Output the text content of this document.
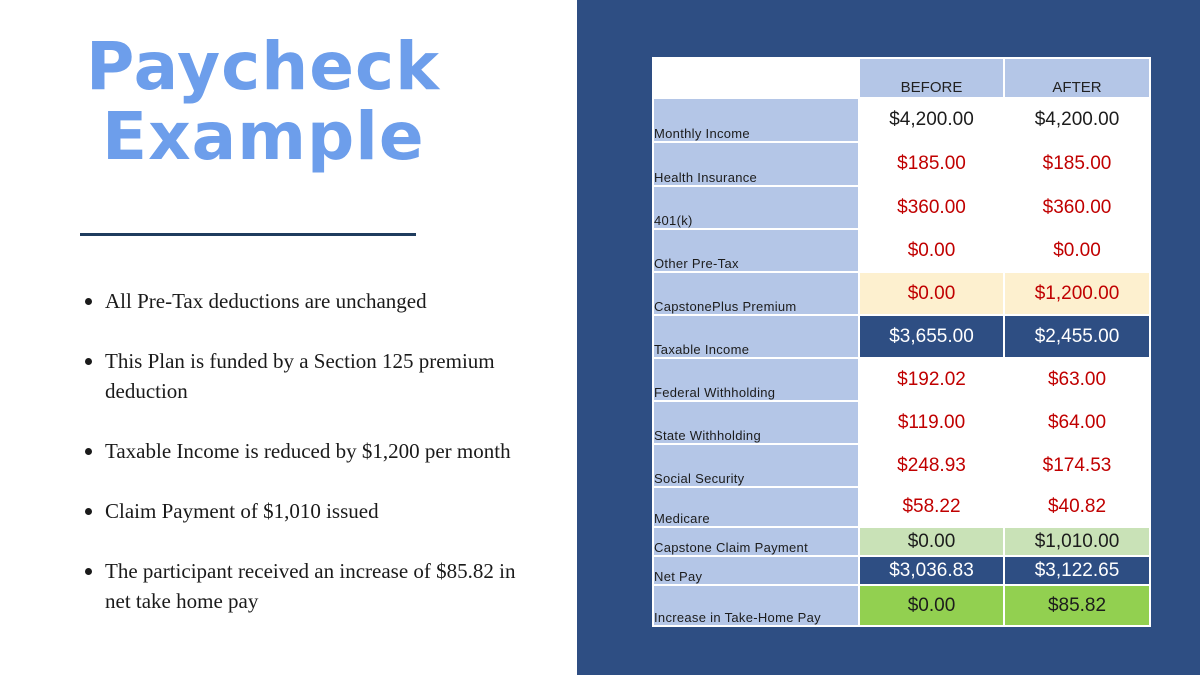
Paycheck
Example
All Pre-Tax deductions are unchanged
This Plan is funded by a Section 125 premium deduction
Taxable Income is reduced by $1,200 per month
Claim Payment of $1,010 issued
The participant received an increase of $85.82 in net take home pay
	BEFORE	AFTER
Monthly Income	$4,200.00	$4,200.00
Health Insurance	$185.00	$185.00
401(k)	$360.00	$360.00
Other Pre-Tax	$0.00	$0.00
CapstonePlus Premium	$0.00	$1,200.00
Taxable Income	$3,655.00	$2,455.00
Federal Withholding	$192.02	$63.00
State Withholding	$119.00	$64.00
Social Security	$248.93	$174.53
Medicare	$58.22	$40.82
Capstone Claim Payment	$0.00	$1,010.00
Net Pay	$3,036.83	$3,122.65
Increase in Take-Home Pay	$0.00	$85.82
